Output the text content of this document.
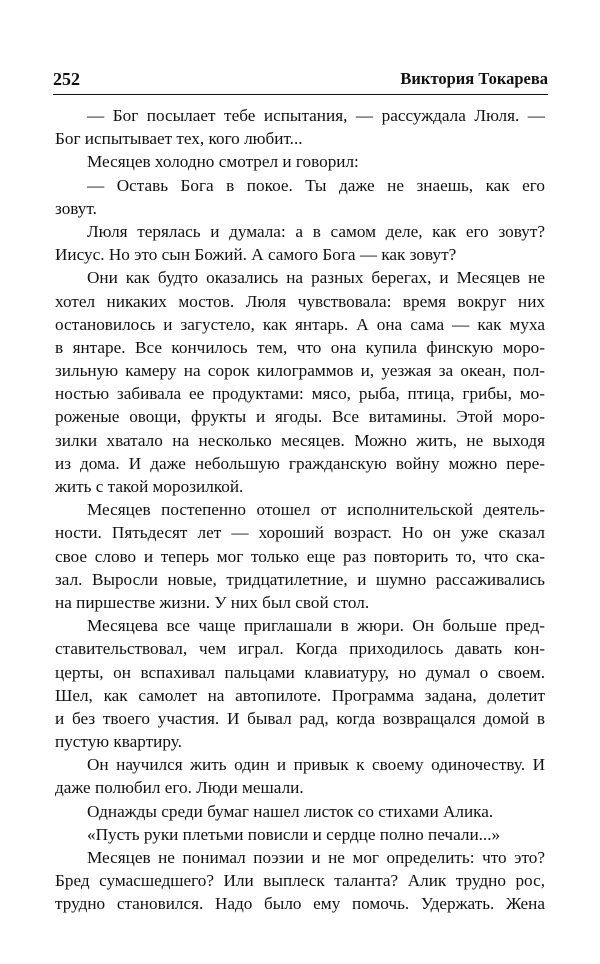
252	Виктория Токарева
— Бог посылает тебе испытания, — рассуждала Люля. —
Бог испытывает тех, кого любит...
Месяцев холодно смотрел и говорил:
— Оставь Бога в покое. Ты даже не знаешь, как его
зовут.
Люля терялась и думала: а в самом деле, как его зовут?
Иисус. Но это сын Божий. А самого Бога — как зовут?
Они как будто оказались на разных берегах, и Месяцев не
хотел никаких мостов. Люля чувствовала: время вокруг них
остановилось и загустело, как янтарь. А она сама — как муха
в янтаре. Все кончилось тем, что она купила финскую моро-
зильную камеру на сорок килограммов и, уезжая за океан, пол-
ностью забивала ее продуктами: мясо, рыба, птица, грибы, мо-
роженые овощи, фрукты и ягоды. Все витамины. Этой моро-
зилки хватало на несколько месяцев. Можно жить, не выходя
из дома. И даже небольшую гражданскую войну можно пере-
жить с такой морозилкой.
Месяцев постепенно отошел от исполнительской деятель-
ности. Пятьдесят лет — хороший возраст. Но он уже сказал
свое слово и теперь мог только еще раз повторить то, что ска-
зал. Выросли новые, тридцатилетние, и шумно рассаживались
на пиршестве жизни. У них был свой стол.
Месяцева все чаще приглашали в жюри. Он больше пред-
ставительствовал, чем играл. Когда приходилось давать кон-
церты, он вспахивал пальцами клавиатуру, но думал о своем.
Шел, как самолет на автопилоте. Программа задана, долетит
и без твоего участия. И бывал рад, когда возвращался домой в
пустую квартиру.
Он научился жить один и привык к своему одиночеству. И
даже полюбил его. Люди мешали.
Однажды среди бумаг нашел листок со стихами Алика.
«Пусть руки плетьми повисли и сердце полно печали...»
Месяцев не понимал поэзии и не мог определить: что это?
Бред сумасшедшего? Или выплеск таланта? Алик трудно рос,
трудно становился. Надо было ему помочь. Удержать. Жена
